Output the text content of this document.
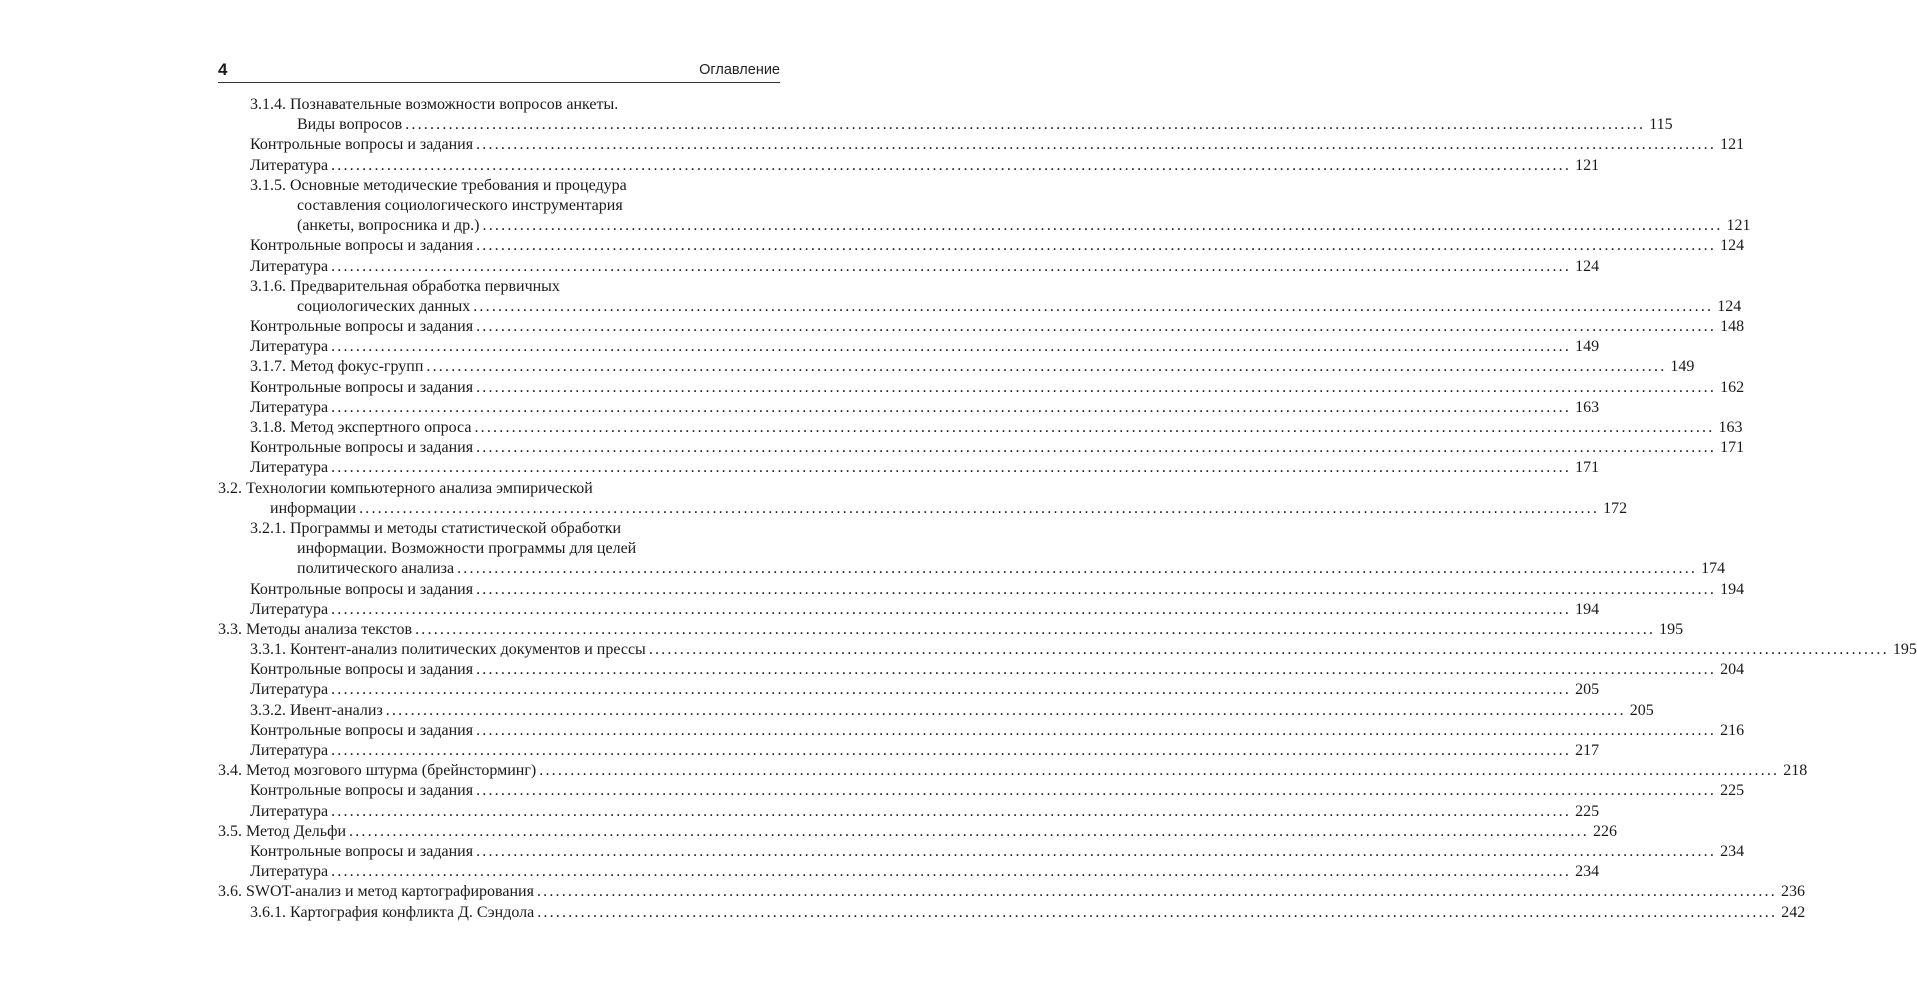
4	Оглавление
3.1.4. Познавательные возможности вопросов анкеты.
Виды вопросов ........................................................................................................................................................................................................ 115
Контрольные вопросы и задания ........................................................................................................................................................................................................ 121
Литература ........................................................................................................................................................................................................ 121
3.1.5. Основные методические требования и процедура
составления социологического инструментария
(анкеты, вопросника и др.) ........................................................................................................................................................................................................ 121
Контрольные вопросы и задания ........................................................................................................................................................................................................ 124
Литература ........................................................................................................................................................................................................ 124
3.1.6. Предварительная обработка первичных
социологических данных ........................................................................................................................................................................................................ 124
Контрольные вопросы и задания ........................................................................................................................................................................................................ 148
Литература ........................................................................................................................................................................................................ 149
3.1.7. Метод фокус-групп ........................................................................................................................................................................................................ 149
Контрольные вопросы и задания ........................................................................................................................................................................................................ 162
Литература ........................................................................................................................................................................................................ 163
3.1.8. Метод экспертного опроса ........................................................................................................................................................................................................ 163
Контрольные вопросы и задания ........................................................................................................................................................................................................ 171
Литература ........................................................................................................................................................................................................ 171
3.2. Технологии компьютерного анализа эмпирической
информации ........................................................................................................................................................................................................ 172
3.2.1. Программы и методы статистической обработки
информации. Возможности программы для целей
политического анализа ........................................................................................................................................................................................................ 174
Контрольные вопросы и задания ........................................................................................................................................................................................................ 194
Литература ........................................................................................................................................................................................................ 194
3.3. Методы анализа текстов ........................................................................................................................................................................................................ 195
3.3.1. Контент-анализ политических документов и прессы ........................................................................................................................................................................................................ 195
Контрольные вопросы и задания ........................................................................................................................................................................................................ 204
Литература ........................................................................................................................................................................................................ 205
3.3.2. Ивент-анализ ........................................................................................................................................................................................................ 205
Контрольные вопросы и задания ........................................................................................................................................................................................................ 216
Литература ........................................................................................................................................................................................................ 217
3.4. Метод мозгового штурма (брейнсторминг) ........................................................................................................................................................................................................ 218
Контрольные вопросы и задания ........................................................................................................................................................................................................ 225
Литература ........................................................................................................................................................................................................ 225
3.5. Метод Дельфи ........................................................................................................................................................................................................ 226
Контрольные вопросы и задания ........................................................................................................................................................................................................ 234
Литература ........................................................................................................................................................................................................ 234
3.6. SWOT-анализ и метод картографирования ........................................................................................................................................................................................................ 236
3.6.1. Картография конфликта Д. Сэндола ........................................................................................................................................................................................................ 242
